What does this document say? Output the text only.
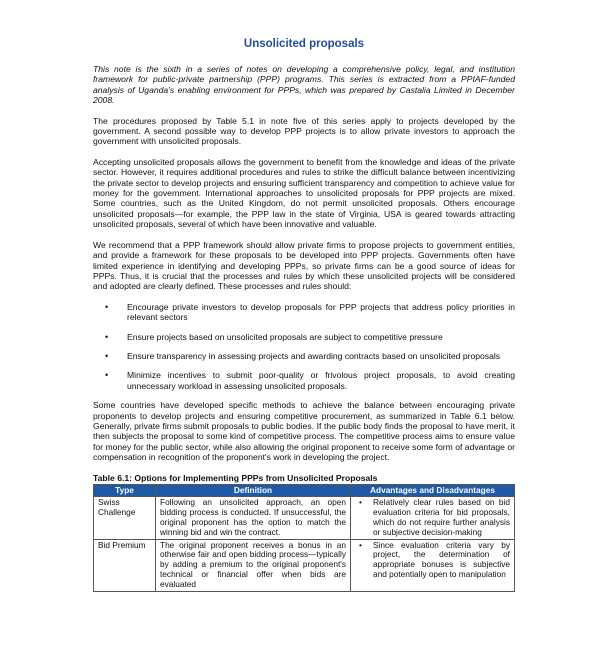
Unsolicited proposals

This note is the sixth in a series of notes on developing a comprehensive policy, legal, and institution framework for public-private partnership (PPP) programs. This series is extracted from a PPIAF-funded analysis of Uganda's enabling environment for PPPs, which was prepared by Castalia Limited in December 2008.

The procedures proposed by Table 5.1 in note five of this series apply to projects developed by the government. A second possible way to develop PPP projects is to allow private investors to approach the government with unsolicited proposals.

Accepting unsolicited proposals allows the government to benefit from the knowledge and ideas of the private sector. However, it requires additional procedures and rules to strike the difficult balance between incentivizing the private sector to develop projects and ensuring sufficient transparency and competition to achieve value for money for the government. International approaches to unsolicited proposals for PPP projects are mixed. Some countries, such as the United Kingdom, do not permit unsolicited proposals. Others encourage unsolicited proposals—for example, the PPP law in the state of Virginia, USA is geared towards attracting unsolicited proposals, several of which have been innovative and valuable.

We recommend that a PPP framework should allow private firms to propose projects to government entities, and provide a framework for these proposals to be developed into PPP projects. Governments often have limited experience in identifying and developing PPPs, so private firms can be a good source of ideas for PPPs. Thus, it is crucial that the processes and rules by which these unsolicited projects will be considered and adopted are clearly defined. These processes and rules should:

• Encourage private investors to develop proposals for PPP projects that address policy priorities in relevant sectors
• Ensure projects based on unsolicited proposals are subject to competitive pressure
• Ensure transparency in assessing projects and awarding contracts based on unsolicited proposals
• Minimize incentives to submit poor-quality or frivolous project proposals, to avoid creating unnecessary workload in assessing unsolicited proposals.

Some countries have developed specific methods to achieve the balance between encouraging private proponents to develop projects and ensuring competitive procurement, as summarized in Table 6.1 below. Generally, private firms submit proposals to public bodies. If the public body finds the proposal to have merit, it then subjects the proposal to some kind of competitive process. The competitive process aims to ensure value for money for the public sector, while also allowing the original proponent to receive some form of advantage or compensation in recognition of the proponent's work in developing the project.

Table 6.1: Options for Implementing PPPs from Unsolicited Proposals
Type	Definition	Advantages and Disadvantages
Swiss Challenge	Following an unsolicited approach, an open bidding process is conducted. If unsuccessful, the original proponent has the option to match the winning bid and win the contract.	• Relatively clear rules based on bid evaluation criteria for bid proposals, which do not require further analysis or subjective decision-making

Bid Premium	The original proponent receives a bonus in an otherwise fair and open bidding process—typically by adding a premium to the original proponent's technical or financial offer when bids are evaluated	• Since evaluation criteria vary by project, the determination of appropriate bonuses is subjective and potentially open to manipulation
